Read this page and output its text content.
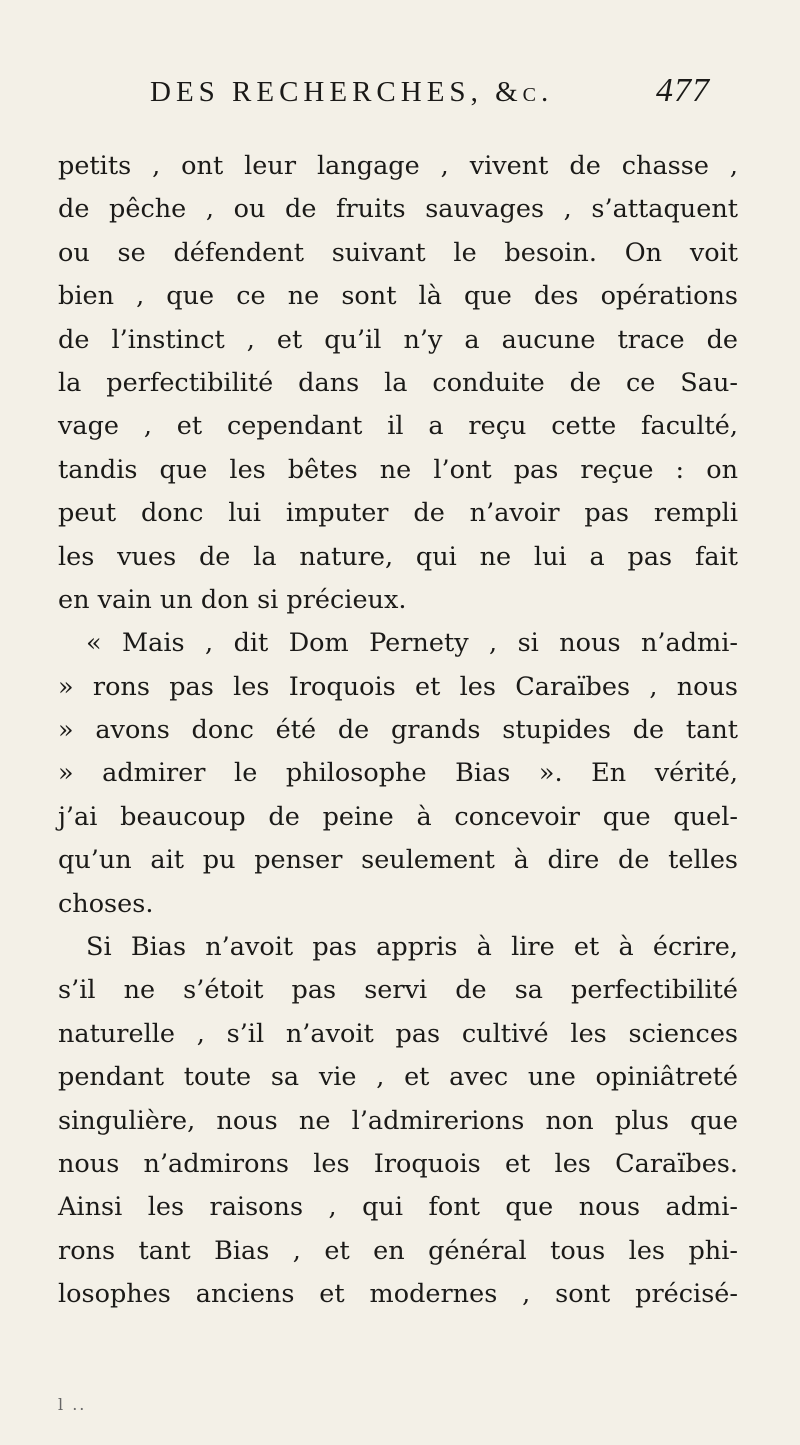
DES RECHERCHES, &c.	477
petits , ont leur langage , vivent de chasse ,
de pêche , ou de fruits sauvages , s’attaquent
ou se défendent suivant le besoin. On voit
bien , que ce ne sont là que des opérations
de l’instinct , et qu’il n’y a aucune trace de
la perfectibilité dans la conduite de ce Sau-
vage , et cependant il a reçu cette faculté,
tandis que les bêtes ne l’ont pas reçue : on
peut donc lui imputer de n’avoir pas rempli
les vues de la nature, qui ne lui a pas fait
en vain un don si précieux.
« Mais , dit Dom Pernety , si nous n’admi-
» rons pas les Iroquois et les Caraïbes , nous
» avons donc été de grands stupides de tant
» admirer le philosophe Bias ». En vérité,
j’ai beaucoup de peine à concevoir que quel-
qu’un ait pu penser seulement à dire de telles
choses.
Si Bias n’avoit pas appris à lire et à écrire,
s’il ne s’étoit pas servi de sa perfectibilité
naturelle , s’il n’avoit pas cultivé les sciences
pendant toute sa vie , et avec une opiniâtreté
singulière, nous ne l’admirerions non plus que
nous n’admirons les Iroquois et les Caraïbes.
Ainsi les raisons , qui font que nous admi-
rons tant Bias , et en général tous les phi-
losophes anciens et modernes , sont précisé-
l ..
